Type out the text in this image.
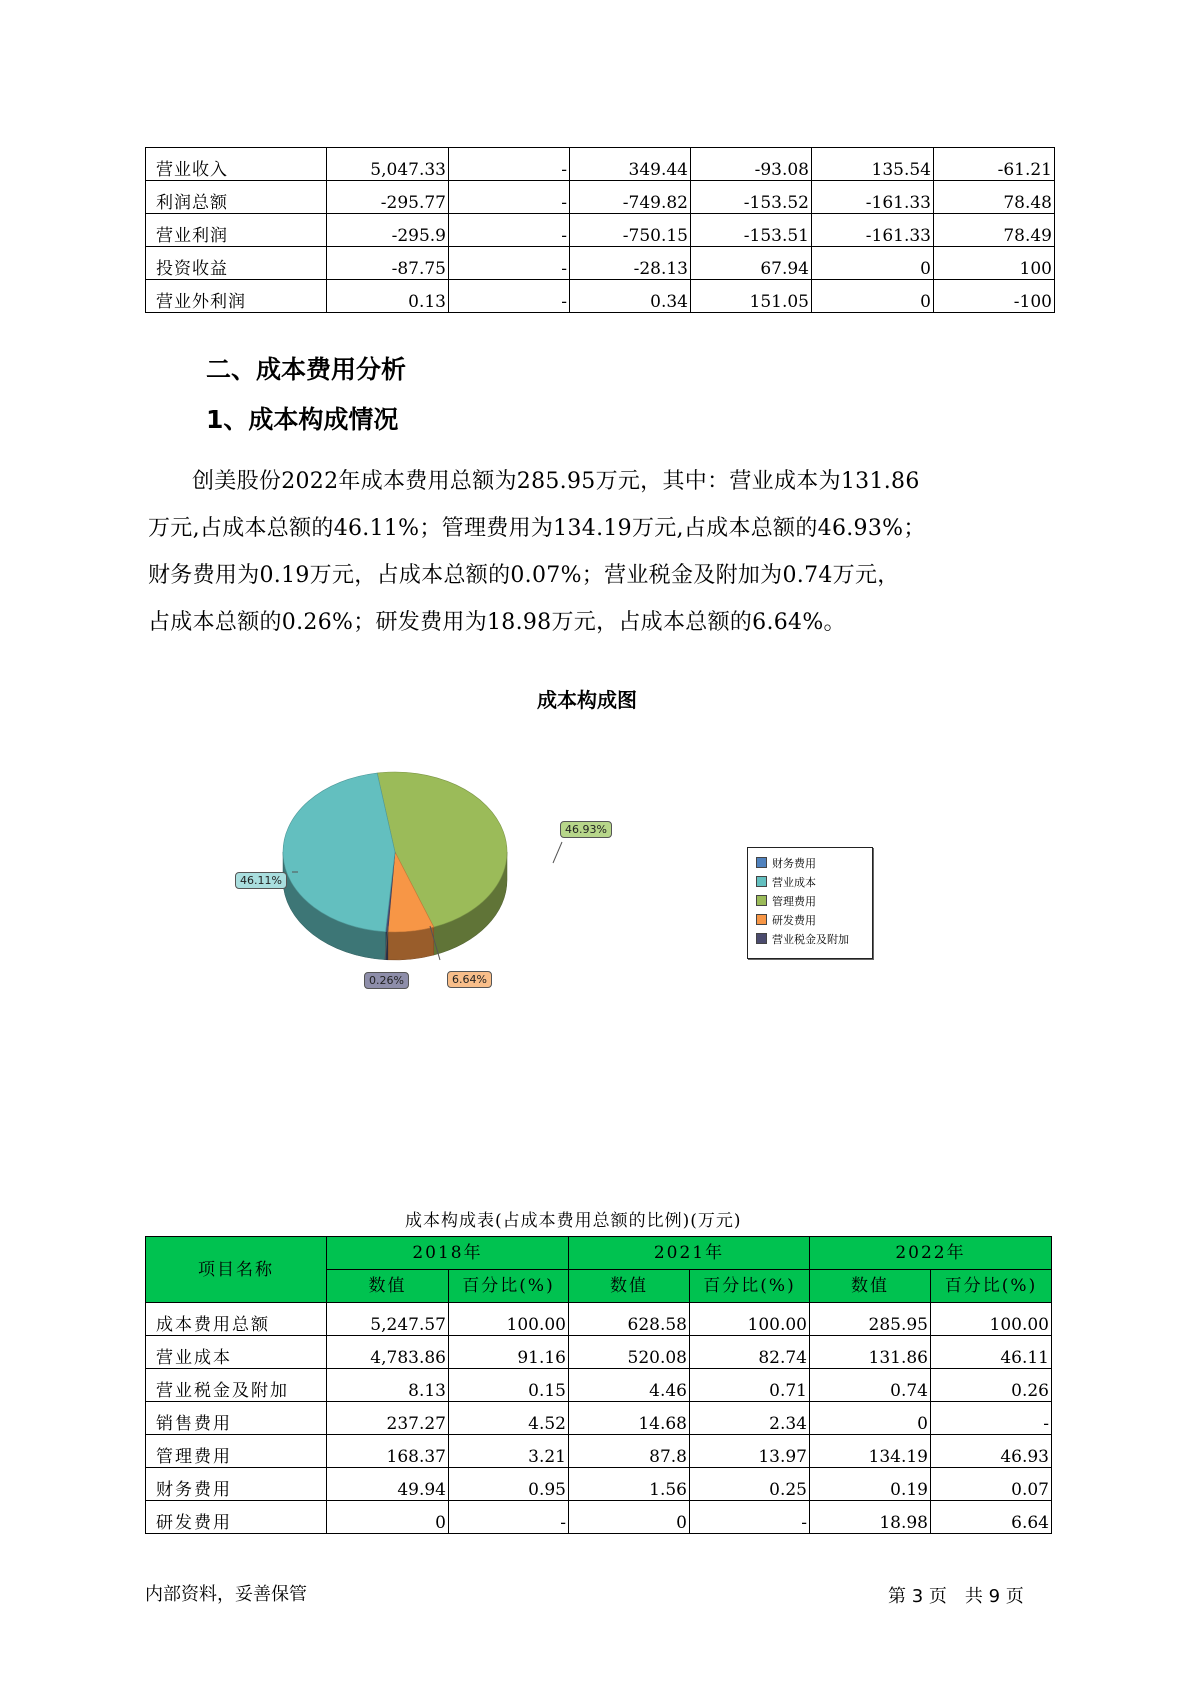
营业收入	5,047.33	-	349.44	-93.08	135.54	-61.21
利润总额	-295.77	-	-749.82	-153.52	-161.33	78.48
营业利润	-295.9	-	-750.15	-153.51	-161.33	78.49
投资收益	-87.75	-	-28.13	67.94	0	100
营业外利润	0.13	-	0.34	151.05	0	-100
二、成本费用分析
1、成本构成情况
创美股份2022年成本费用总额为285.95万元，其中：营业成本为131.86
万元,占成本总额的46.11%；管理费用为134.19万元,占成本总额的46.93%；
财务费用为0.19万元，占成本总额的0.07%；营业税金及附加为0.74万元，
占成本总额的0.26%；研发费用为18.98万元，占成本总额的6.64%。
成本构成图
46.93%
46.11%
0.26%	6.64%
财务费用
营业成本
管理费用
研发费用
营业税金及附加
成本构成表(占成本费用总额的比例)(万元)
项目名称	2018年		2021年		2022年	
	数值	百分比(%)	数值	百分比(%)	数值	百分比(%)
成本费用总额	5,247.57	100.00	628.58	100.00	285.95	100.00
营业成本	4,783.86	91.16	520.08	82.74	131.86	46.11
营业税金及附加	8.13	0.15	4.46	0.71	0.74	0.26
销售费用	237.27	4.52	14.68	2.34	0	-
管理费用	168.37	3.21	87.8	13.97	134.19	46.93
财务费用	49.94	0.95	1.56	0.25	0.19	0.07
研发费用	0	-	0	-	18.98	6.64
内部资料，妥善保管	第 3 页　共 9 页
